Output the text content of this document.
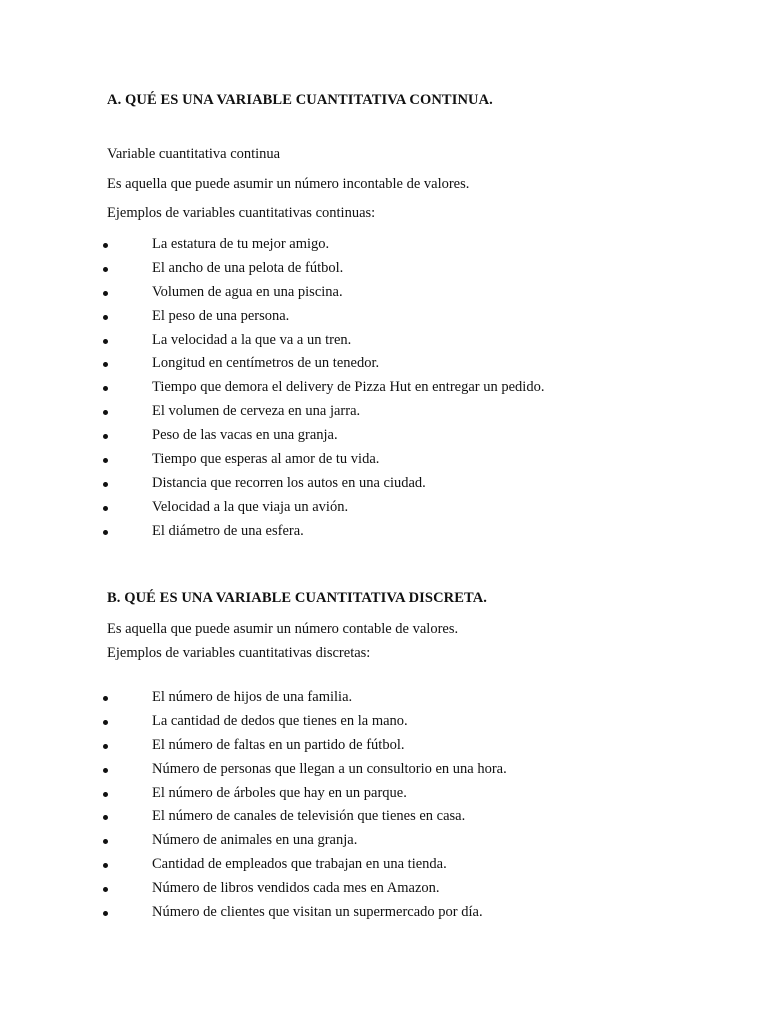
A. QUÉ ES UNA VARIABLE CUANTITATIVA CONTINUA.
Variable cuantitativa continua
Es aquella que puede asumir un número incontable de valores.
Ejemplos de variables cuantitativas continuas:
La estatura de tu mejor amigo.
El ancho de una pelota de fútbol.
Volumen de agua en una piscina.
El peso de una persona.
La velocidad a la que va a un tren.
Longitud en centímetros de un tenedor.
Tiempo que demora el delivery de Pizza Hut en entregar un pedido.
El volumen de cerveza en una jarra.
Peso de las vacas en una granja.
Tiempo que esperas al amor de tu vida.
Distancia que recorren los autos en una ciudad.
Velocidad a la que viaja un avión.
El diámetro de una esfera.
B. QUÉ ES UNA VARIABLE CUANTITATIVA DISCRETA.
Es aquella que puede asumir un número contable de valores.
Ejemplos de variables cuantitativas discretas:
El número de hijos de una familia.
La cantidad de dedos que tienes en la mano.
El número de faltas en un partido de fútbol.
Número de personas que llegan a un consultorio en una hora.
El número de árboles que hay en un parque.
El número de canales de televisión que tienes en casa.
Número de animales en una granja.
Cantidad de empleados que trabajan en una tienda.
Número de libros vendidos cada mes en Amazon.
Número de clientes que visitan un supermercado por día.
